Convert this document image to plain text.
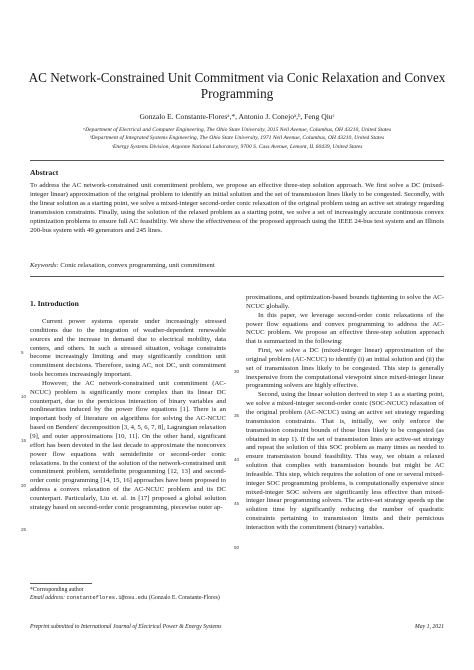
AC Network-Constrained Unit Commitment via Conic Relaxation and Convex Programming
Gonzalo E. Constante-Floresᵃ,*, Antonio J. Conejoᵃ,ᵇ, Feng Qiuᶜ
ᵃDepartment of Electrical and Computer Engineering, The Ohio State University, 2015 Neil Avenue, Columbus, OH 43210, United States
ᵇDepartment of Integrated Systems Engineering, The Ohio State University, 1971 Neil Avenue, Columbus, OH 43210, United States
ᶜEnergy Systems Division, Argonne National Laboratory, 9700 S. Cass Avenue, Lemont, IL 60439, United States
Abstract
To address the AC network-constrained unit commitment problem, we propose an effective three-step solution approach. We first solve a DC (mixed-integer linear) approximation of the original problem to identify an initial solution and the set of transmission lines likely to be congested. Secondly, with the linear solution as a starting point, we solve a mixed-integer second-order conic relaxation of the original problem using an active set strategy regarding transmission constraints. Finally, using the solution of the relaxed problem as a starting point, we solve a set of increasingly accurate continuous convex optimization problems to ensure full AC feasibility. We show the effectiveness of the proposed approach using the IEEE 24-bus test system and an Illinois 200-bus system with 49 generators and 245 lines.
Keywords: Conic relaxation, convex programming, unit commitment
1. Introduction

Current power systems operate under increasingly stressed conditions due to the integration of weather-dependent renewable sources and the increase in demand due to electrical mobility, data centers, and others. In such a stressed situation, voltage constraints become increasingly limiting and may significantly condition unit commitment decisions. Therefore, using AC, not DC, unit commitment tools becomes increasingly important.

However, the AC network-constrained unit commitment (AC-NCUC) problem is significantly more complex than its linear DC counterpart, due to the pernicious interaction of binary variables and nonlinearities induced by the power flow equations [1]. There is an important body of literature on algorithms for solving the AC-NCUC based on Benders' decomposition [3, 4, 5, 6, 7, 8], Lagrangian relaxation [9], and outer approximations [10, 11]. On the other hand, significant effort has been devoted in the last decade to approximate the nonconvex power flow equations with semidefinite or second-order conic relaxations. In the context of the solution of the network-constrained unit commitment problem, semidefinite programming [12, 13] and second-order conic programming [14, 15, 16] approaches have been proposed to address a convex relaxation of the AC-NCUC problem and its DC counterpart. Particularly, Liu et. al. in [17] proposed a global solution strategy based on second-order conic programming, piecewise outer ap-

5
10
15
20
25

proximations, and optimization-based bounds tightening to solve the AC-NCUC globally.

In this paper, we leverage second-order conic relaxations of the power flow equations and convex programming to address the AC-NCUC problem. We propose an effective three-step solution approach that is summarized in the following:

First, we solve a DC (mixed-integer linear) approximation of the original problem (AC-NCUC) to identify (i) an initial solution and (ii) the set of transmission lines likely to be congested. This step is generally inexpensive from the computational viewpoint since mixed-integer linear programming solvers are highly effective.

Second, using the linear solution derived in step 1 as a starting point, we solve a mixed-integer second-order conic (SOC-NCUC) relaxation of the original problem (AC-NCUC) using an active set strategy regarding transmission constraints. That is, initially, we only enforce the transmission constraint bounds of those lines likely to be congested (as obtained in step 1). If the set of transmission lines are active-set strategy and repeat the solution of this SOC problem as many times as needed to ensure transmission bound feasibility. This way, we obtain a relaxed solution that complies with transmission bounds but might be AC infeasible. This step, which requires the solution of one or several mixed-integer SOC programming problems, is computationally expensive since mixed-integer SOC solvers are significantly less effective than mixed-integer linear programming solvers. The active-set strategy speeds up the solution time by significantly reducing the number of quadratic constraints pertaining to transmission limits and their pernicious interaction with the commitment (binary) variables.

30
35
40
45
50
*Corresponding author
Email address: constanteflores.1@osu.edu (Gonzalo E. Constante-Flores)
Preprint submitted to International Journal of Electrical Power & Energy Systems	May 1, 2021
